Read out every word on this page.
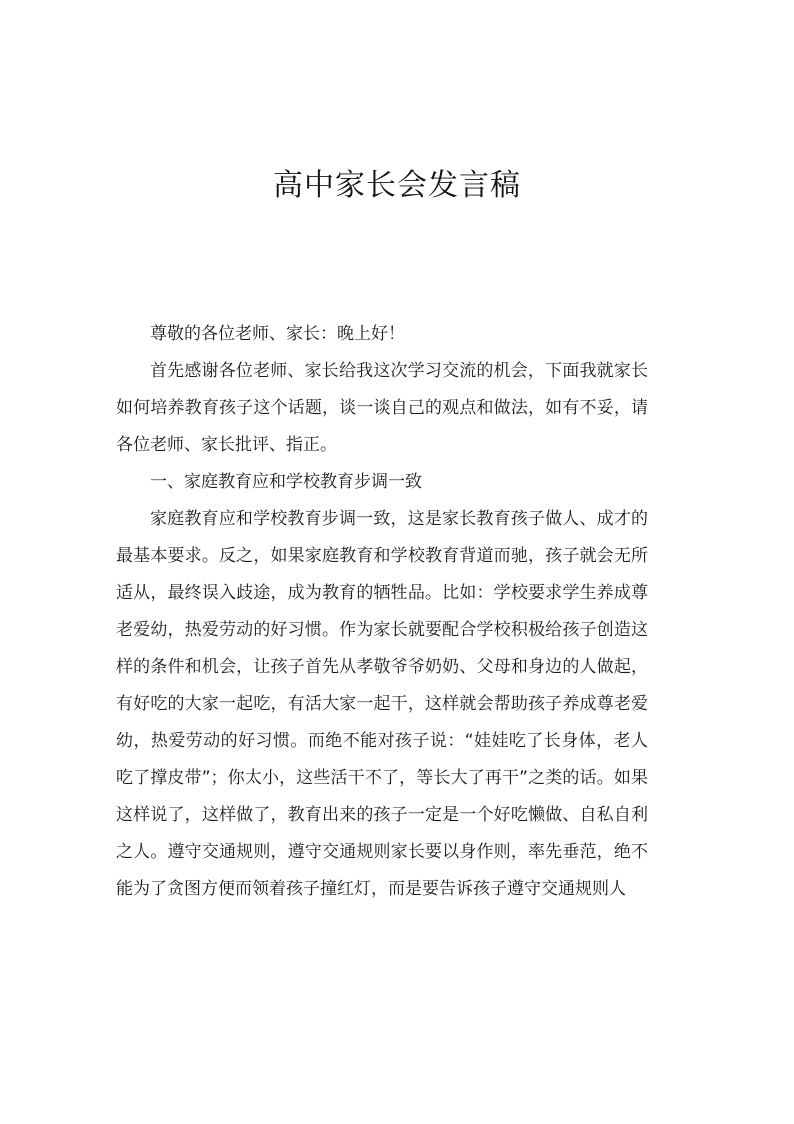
高中家长会发言稿

尊敬的各位老师、家长：晚上好！

首先感谢各位老师、家长给我这次学习交流的机会，下面我就家长如何培养教育孩子这个话题，谈一谈自己的观点和做法，如有不妥，请各位老师、家长批评、指正。

一、家庭教育应和学校教育步调一致

家庭教育应和学校教育步调一致，这是家长教育孩子做人、成才的最基本要求。反之，如果家庭教育和学校教育背道而驰，孩子就会无所适从，最终误入歧途，成为教育的牺牲品。比如：学校要求学生养成尊老爱幼，热爱劳动的好习惯。作为家长就要配合学校积极给孩子创造这样的条件和机会，让孩子首先从孝敬爷爷奶奶、父母和身边的人做起，有好吃的大家一起吃，有活大家一起干，这样就会帮助孩子养成尊老爱幼，热爱劳动的好习惯。而绝不能对孩子说：“娃娃吃了长身体，老人吃了撑皮带”；你太小，这些活干不了，等长大了再干”之类的话。如果这样说了，这样做了，教育出来的孩子一定是一个好吃懒做、自私自利之人。遵守交通规则，遵守交通规则家长要以身作则，率先垂范，绝不能为了贪图方便而领着孩子撞红灯，而是要告诉孩子遵守交通规则人
